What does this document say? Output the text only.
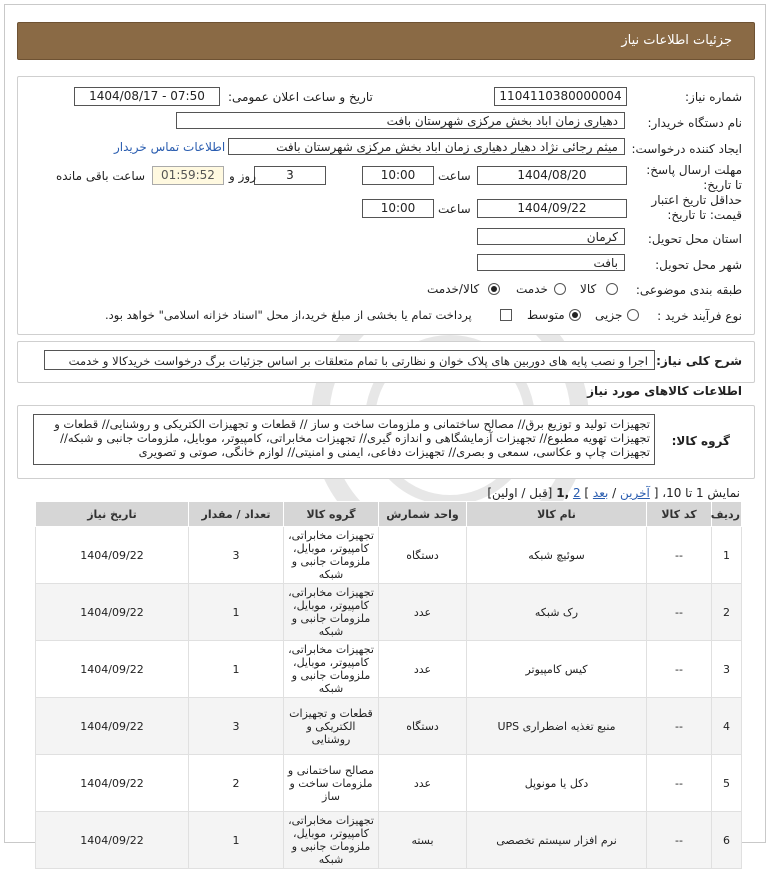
جزئیات اطلاعات نیاز
شماره نیاز:
1104110380000004
تاریخ و ساعت اعلان عمومی:
1404/08/17 - 07:50
نام دستگاه خریدار:
دهیاری زمان اباد بخش مرکزی شهرستان بافت
ایجاد کننده درخواست:
میثم رجائی نژاد دهیار دهیاری زمان اباد بخش مرکزی شهرستان بافت
اطلاعات تماس خریدار
مهلت ارسال پاسخ: تا تاریخ:
1404/08/20
ساعت
10:00
3
روز و
01:59:52
ساعت باقی مانده
حداقل تاریخ اعتبار قیمت: تا تاریخ:
1404/09/22
ساعت
10:00
استان محل تحویل:
کرمان
شهر محل تحویل:
بافت
طبقه بندی موضوعی:
کالا
خدمت
کالا/خدمت
نوع فرآیند خرید :
جزیی
متوسط
پرداخت تمام یا بخشی از مبلغ خرید،از محل "اسناد خزانه اسلامی" خواهد بود.
شرح کلی نیاز:
اجرا و نصب پایه های دوربین های پلاک خوان و نظارتی با تمام متعلقات بر اساس جزئیات برگ درخواست خریدکالا و خدمت
اطلاعات کالاهای مورد نیاز
گروه کالا:
تجهیزات تولید و توزیع برق// مصالح ساختمانی و ملزومات ساخت و ساز // قطعات و تجهیزات الکتریکی و روشنایی// قطعات و تجهیزات تهویه مطبوع// تجهیزات آزمایشگاهی و اندازه گیری// تجهیزات مخابراتی، کامپیوتر، موبایل، ملزومات جانبی و شبکه// تجهیزات چاپ و عکاسی، سمعی و بصری// تجهیزات دفاعی، ایمنی و امنیتی// لوازم خانگی، صوتی و تصویری
نمایش 1 تا 10، [ آخرین / بعد ] 2 ,1 [قبل / اولین]
ردیف	کد کالا	نام کالا	واحد شمارش	گروه کالا	تعداد / مقدار	تاریخ نیاز
1	--	سوئیچ شبکه	دستگاه	تجهیزات مخابراتی، کامپیوتر، موبایل، ملزومات جانبی و شبکه	3	1404/09/22
2	--	رک شبکه	عدد	تجهیزات مخابراتی، کامپیوتر، موبایل، ملزومات جانبی و شبکه	1	1404/09/22
3	--	کیس کامپیوتر	عدد	تجهیزات مخابراتی، کامپیوتر، موبایل، ملزومات جانبی و شبکه	1	1404/09/22
4	--	منبع تغذیه اضطراری UPS	دستگاه	قطعات و تجهیزات الکتریکی و روشنایی	3	1404/09/22
5	--	دکل یا مونوپل	عدد	مصالح ساختمانی و ملزومات ساخت و ساز	2	1404/09/22
6	--	نرم افزار سیستم تخصصی	بسته	تجهیزات مخابراتی، کامپیوتر، موبایل، ملزومات جانبی و شبکه	1	1404/09/22
